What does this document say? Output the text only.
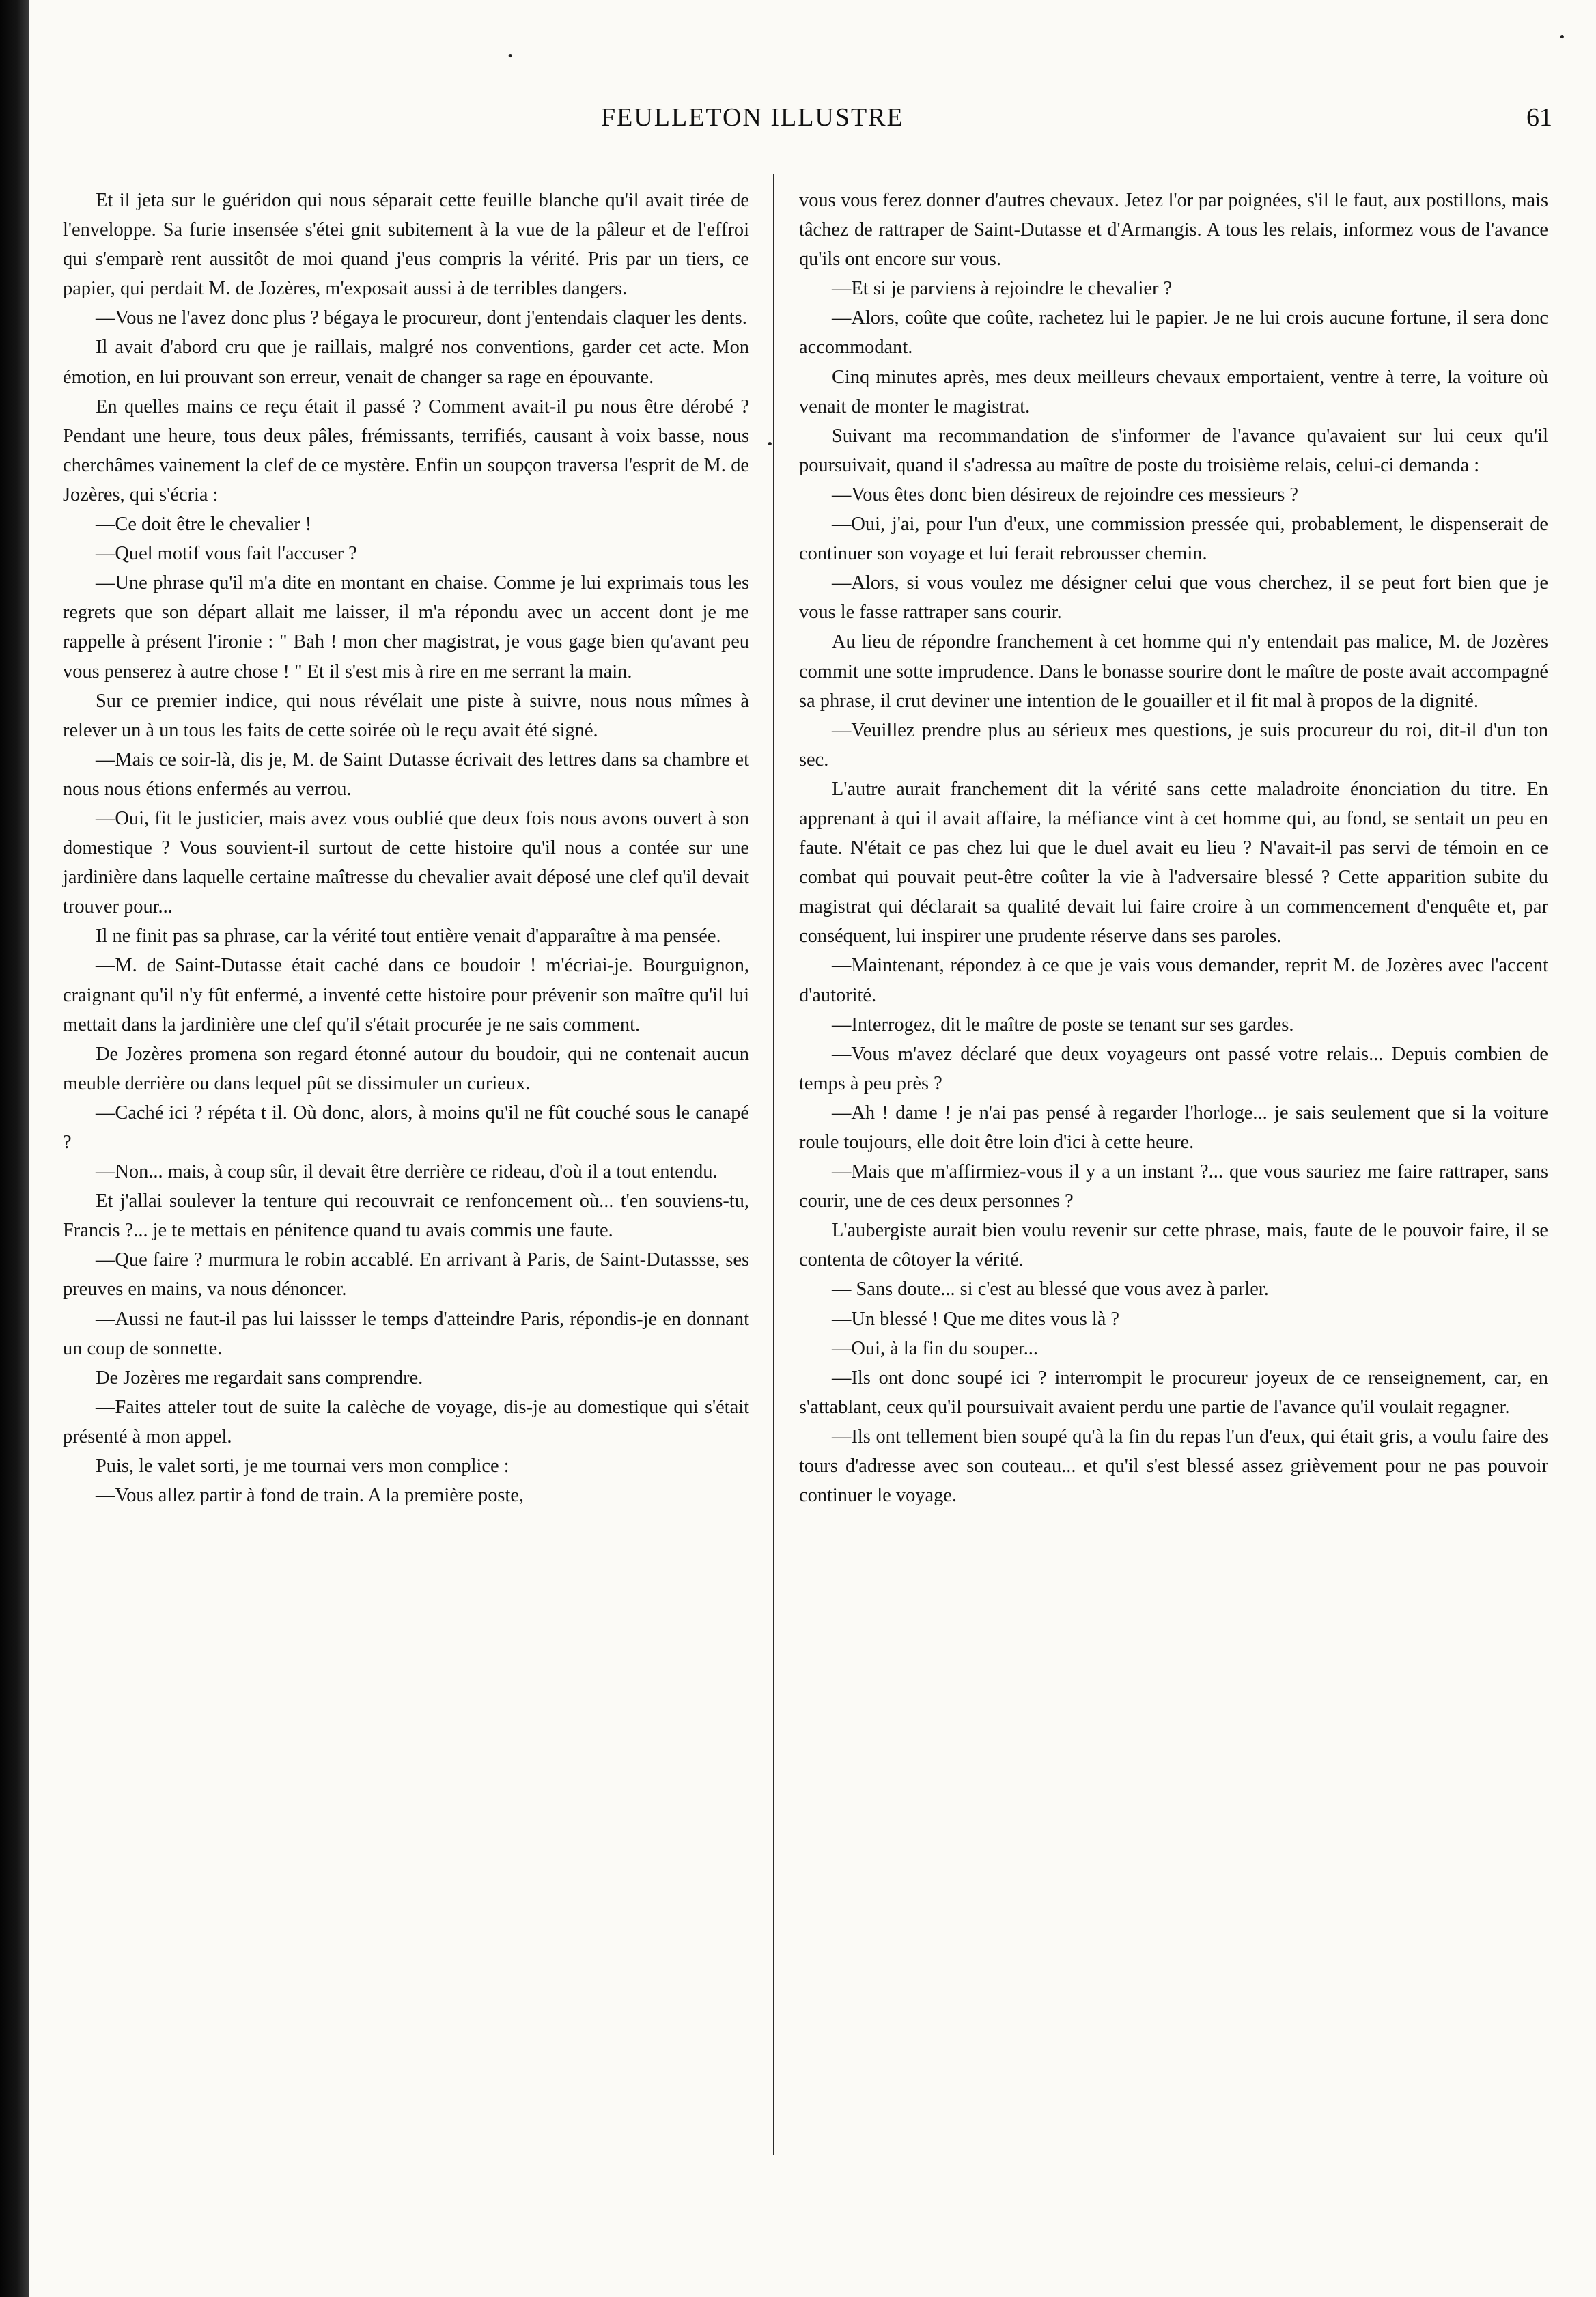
FEULLETON ILLUSTRE	61

Et il jeta sur le guéridon qui nous séparait cette feuille blanche qu'il avait tirée de l'enveloppe. Sa furie insensée s'étei gnit subitement à la vue de la pâleur et de l'effroi qui s'emparè rent aussitôt de moi quand j'eus compris la vérité. Pris par un tiers, ce papier, qui perdait M. de Jozères, m'exposait aussi à de terribles dangers.

—Vous ne l'avez donc plus ? bégaya le procureur, dont j'entendais claquer les dents.

Il avait d'abord cru que je raillais, malgré nos conventions, garder cet acte. Mon émotion, en lui prouvant son erreur, venait de changer sa rage en épouvante.

En quelles mains ce reçu était il passé ? Comment avait-il pu nous être dérobé ? Pendant une heure, tous deux pâles, frémissants, terrifiés, causant à voix basse, nous cherchâmes vainement la clef de ce mystère. Enfin un soupçon traversa l'esprit de M. de Jozères, qui s'écria :

—Ce doit être le chevalier !

—Quel motif vous fait l'accuser ?

—Une phrase qu'il m'a dite en montant en chaise. Comme je lui exprimais tous les regrets que son départ allait me laisser, il m'a répondu avec un accent dont je me rappelle à présent l'ironie : " Bah ! mon cher magistrat, je vous gage bien qu'avant peu vous penserez à autre chose ! " Et il s'est mis à rire en me serrant la main.

Sur ce premier indice, qui nous révélait une piste à suivre, nous nous mîmes à relever un à un tous les faits de cette soirée où le reçu avait été signé.

—Mais ce soir-là, dis je, M. de Saint Dutasse écrivait des lettres dans sa chambre et nous nous étions enfermés au verrou.

—Oui, fit le justicier, mais avez vous oublié que deux fois nous avons ouvert à son domestique ? Vous souvient-il surtout de cette histoire qu'il nous a contée sur une jardinière dans laquelle certaine maîtresse du chevalier avait déposé une clef qu'il devait trouver pour...

Il ne finit pas sa phrase, car la vérité tout entière venait d'apparaître à ma pensée.

—M. de Saint-Dutasse était caché dans ce boudoir ! m'écriai-je. Bourguignon, craignant qu'il n'y fût enfermé, a inventé cette histoire pour prévenir son maître qu'il lui mettait dans la jardinière une clef qu'il s'était procurée je ne sais comment.

De Jozères promena son regard étonné autour du boudoir, qui ne contenait aucun meuble derrière ou dans lequel pût se dissimuler un curieux.

—Caché ici ? répéta t il. Où donc, alors, à moins qu'il ne fût couché sous le canapé ?

—Non... mais, à coup sûr, il devait être derrière ce rideau, d'où il a tout entendu.

Et j'allai soulever la tenture qui recouvrait ce renfoncement où... t'en souviens-tu, Francis ?... je te mettais en pénitence quand tu avais commis une faute.

—Que faire ? murmura le robin accablé. En arrivant à Paris, de Saint-Dutassse, ses preuves en mains, va nous dénoncer.

—Aussi ne faut-il pas lui laissser le temps d'atteindre Paris, répondis-je en donnant un coup de sonnette.

De Jozères me regardait sans comprendre.

—Faites atteler tout de suite la calèche de voyage, dis-je au domestique qui s'était présenté à mon appel.

Puis, le valet sorti, je me tournai vers mon complice :

—Vous allez partir à fond de train. A la première poste,

vous vous ferez donner d'autres chevaux. Jetez l'or par poignées, s'il le faut, aux postillons, mais tâchez de rattraper de Saint-Dutasse et d'Armangis. A tous les relais, informez vous de l'avance qu'ils ont encore sur vous.

—Et si je parviens à rejoindre le chevalier ?

—Alors, coûte que coûte, rachetez lui le papier. Je ne lui crois aucune fortune, il sera donc accommodant.

Cinq minutes après, mes deux meilleurs chevaux emportaient, ventre à terre, la voiture où venait de monter le magistrat.

Suivant ma recommandation de s'informer de l'avance qu'avaient sur lui ceux qu'il poursuivait, quand il s'adressa au maître de poste du troisième relais, celui-ci demanda :

—Vous êtes donc bien désireux de rejoindre ces messieurs ?

—Oui, j'ai, pour l'un d'eux, une commission pressée qui, probablement, le dispenserait de continuer son voyage et lui ferait rebrousser chemin.

—Alors, si vous voulez me désigner celui que vous cherchez, il se peut fort bien que je vous le fasse rattraper sans courir.

Au lieu de répondre franchement à cet homme qui n'y entendait pas malice, M. de Jozères commit une sotte imprudence. Dans le bonasse sourire dont le maître de poste avait accompagné sa phrase, il crut deviner une intention de le gouailler et il fit mal à propos de la dignité.

—Veuillez prendre plus au sérieux mes questions, je suis procureur du roi, dit-il d'un ton sec.

L'autre aurait franchement dit la vérité sans cette maladroite énonciation du titre. En apprenant à qui il avait affaire, la méfiance vint à cet homme qui, au fond, se sentait un peu en faute. N'était ce pas chez lui que le duel avait eu lieu ? N'avait-il pas servi de témoin en ce combat qui pouvait peut-être coûter la vie à l'adversaire blessé ? Cette apparition subite du magistrat qui déclarait sa qualité devait lui faire croire à un commencement d'enquête et, par conséquent, lui inspirer une prudente réserve dans ses paroles.

—Maintenant, répondez à ce que je vais vous demander, reprit M. de Jozères avec l'accent d'autorité.

—Interrogez, dit le maître de poste se tenant sur ses gardes.

—Vous m'avez déclaré que deux voyageurs ont passé votre relais... Depuis combien de temps à peu près ?

—Ah ! dame ! je n'ai pas pensé à regarder l'horloge... je sais seulement que si la voiture roule toujours, elle doit être loin d'ici à cette heure.

—Mais que m'affirmiez-vous il y a un instant ?... que vous sauriez me faire rattraper, sans courir, une de ces deux personnes ?

L'aubergiste aurait bien voulu revenir sur cette phrase, mais, faute de le pouvoir faire, il se contenta de côtoyer la vérité.

— Sans doute... si c'est au blessé que vous avez à parler.

—Un blessé ! Que me dites vous là ?

—Oui, à la fin du souper...

—Ils ont donc soupé ici ? interrompit le procureur joyeux de ce renseignement, car, en s'attablant, ceux qu'il poursuivait avaient perdu une partie de l'avance qu'il voulait regagner.

—Ils ont tellement bien soupé qu'à la fin du repas l'un d'eux, qui était gris, a voulu faire des tours d'adresse avec son couteau... et qu'il s'est blessé assez grièvement pour ne pas pouvoir continuer le voyage.

•
•
•
